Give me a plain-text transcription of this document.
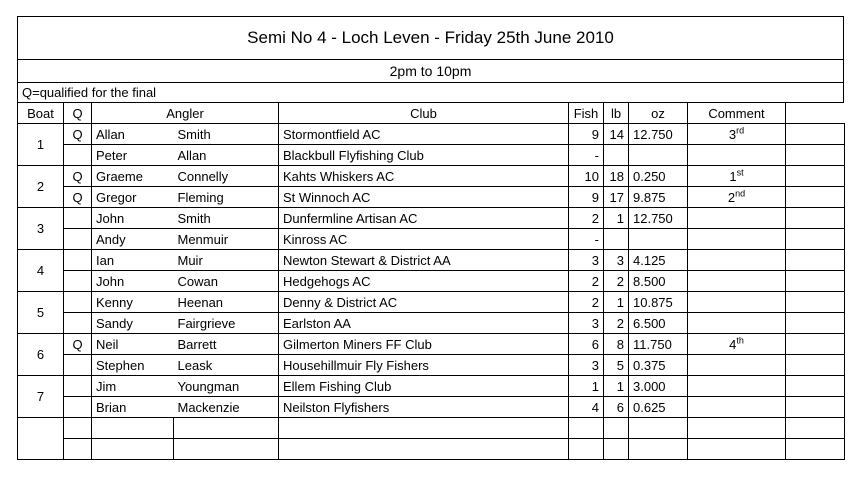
Semi No 4 - Loch Leven - Friday 25th June 2010
2pm to 10pm
Q=qualified for the final
Boat	Q	Angler		Club	Fish	lb	oz	Comment	
1	Q	Allan	Smith	Stormontfield AC	9	14	12.750	3rd	
		Peter	Allan	Blackbull Flyfishing Club	-				
2	Q	Graeme	Connelly	Kahts Whiskers AC	10	18	0.250	1st	
	Q	Gregor	Fleming	St Winnoch AC	9	17	9.875	2nd	
3		John	Smith	Dunfermline Artisan AC	2	1	12.750		
		Andy	Menmuir	Kinross AC	-				
4		Ian	Muir	Newton Stewart & District AA	3	3	4.125		
		John	Cowan	Hedgehogs AC	2	2	8.500		
5		Kenny	Heenan	Denny & District AC	2	1	10.875		
		Sandy	Fairgrieve	Earlston AA	3	2	6.500		
6	Q	Neil	Barrett	Gilmerton Miners FF Club	6	8	11.750	4th	
		Stephen	Leask	Househillmuir Fly Fishers	3	5	0.375		
7		Jim	Youngman	Ellem Fishing Club	1	1	3.000		
		Brian	Mackenzie	Neilston Flyfishers	4	6	0.625		
